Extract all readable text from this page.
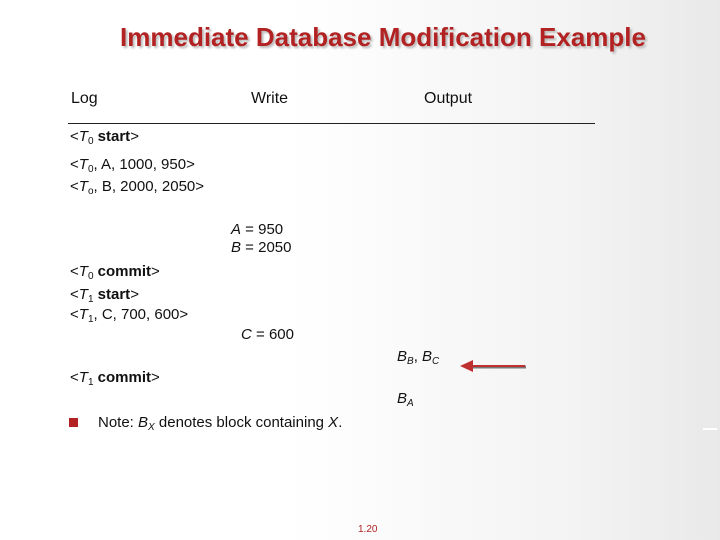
Immediate Database Modification Example
Log	Write	Output
$<T_0$ start>
$<T_0$, A, 1000, 950>
$<T_o$, B, 2000, 2050>
$<T_0$ commit>
$<T_1$ start>
$<T_1$, C, 700, 600>
$<T_1$ commit>
A = 950
B = 2050
C = 600
$B_B$, $B_C$
$B_A$
Note: $B_X$ denotes block containing X.
1.20
